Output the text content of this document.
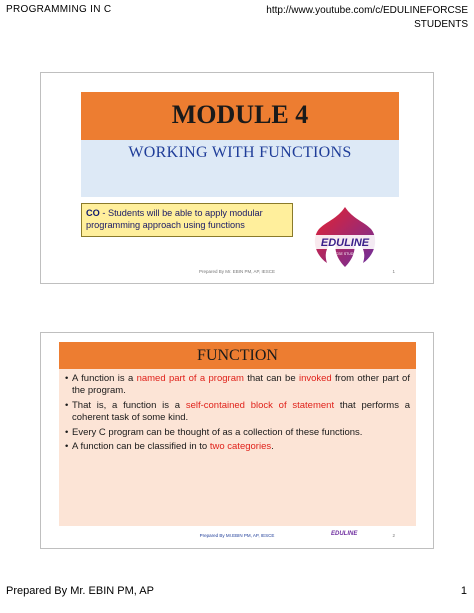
PROGRAMMING IN C	http://www.youtube.com/c/EDULINEFORCSE
STUDENTS
MODULE 4
WORKING WITH FUNCTIONS
CO - Students will be able to apply modular programming approach using functions
EDULINE
FOR CSE STUDENTS
Prepared By Mr. EBIN PM, AP, IESCE	1
FUNCTION
• A function is a named part of a program that can be invoked from other part of the program.
• That is, a function is a self-contained block of statement that performs a coherent task of some kind.
• Every C program can be thought of as a collection of these functions.
• A function can be classified in to two categories.
Prepared By Mr.EBIN PM, AP, IESCE	EDULINE	2
Prepared By Mr. EBIN PM, AP	1
